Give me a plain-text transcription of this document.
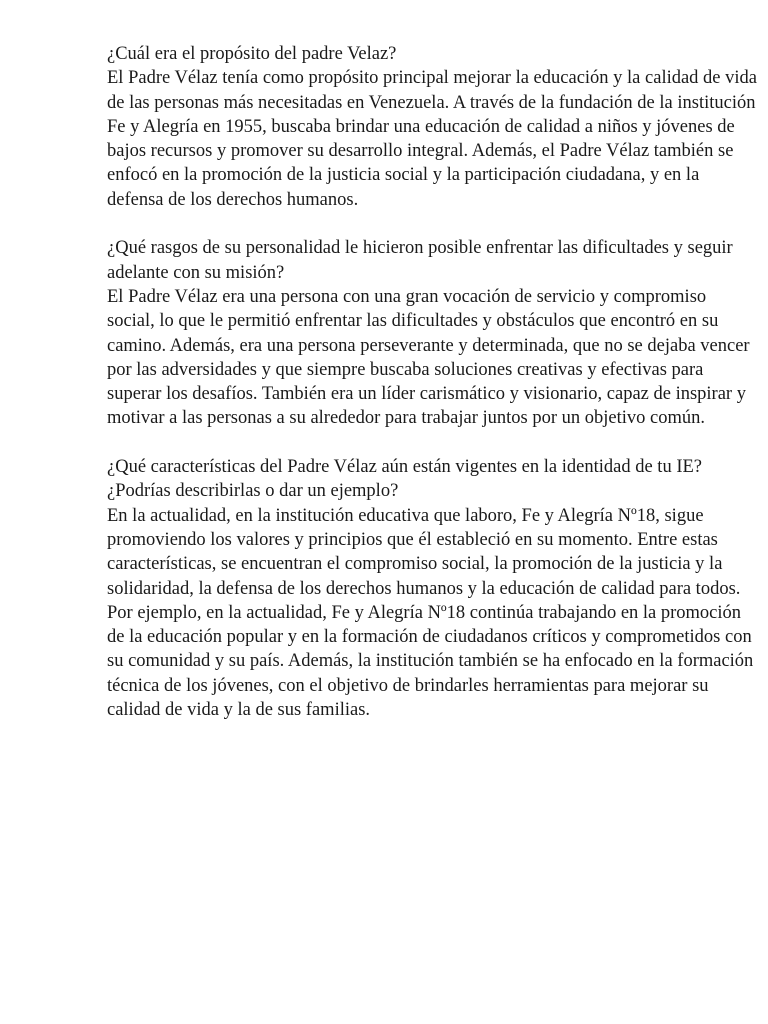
¿Cuál era el propósito del padre Velaz?

El Padre Vélaz tenía como propósito principal mejorar la educación y la calidad de vida de las personas más necesitadas en Venezuela. A través de la fundación de la institución Fe y Alegría en 1955, buscaba brindar una educación de calidad a niños y jóvenes de bajos recursos y promover su desarrollo integral. Además, el Padre Vélaz también se enfocó en la promoción de la justicia social y la participación ciudadana, y en la defensa de los derechos humanos.

¿Qué rasgos de su personalidad le hicieron posible enfrentar las dificultades y seguir adelante con su misión?

El Padre Vélaz era una persona con una gran vocación de servicio y compromiso social, lo que le permitió enfrentar las dificultades y obstáculos que encontró en su camino. Además, era una persona perseverante y determinada, que no se dejaba vencer por las adversidades y que siempre buscaba soluciones creativas y efectivas para superar los desafíos. También era un líder carismático y visionario, capaz de inspirar y motivar a las personas a su alrededor para trabajar juntos por un objetivo común.

¿Qué características del Padre Vélaz aún están vigentes en la identidad de tu IE? ¿Podrías describirlas o dar un ejemplo?

En la actualidad, en la institución educativa que laboro, Fe y Alegría Nº18, sigue promoviendo los valores y principios que él estableció en su momento. Entre estas características, se encuentran el compromiso social, la promoción de la justicia y la solidaridad, la defensa de los derechos humanos y la educación de calidad para todos. Por ejemplo, en la actualidad, Fe y Alegría Nº18 continúa trabajando en la promoción de la educación popular y en la formación de ciudadanos críticos y comprometidos con su comunidad y su país. Además, la institución también se ha enfocado en la formación técnica de los jóvenes, con el objetivo de brindarles herramientas para mejorar su calidad de vida y la de sus familias.
